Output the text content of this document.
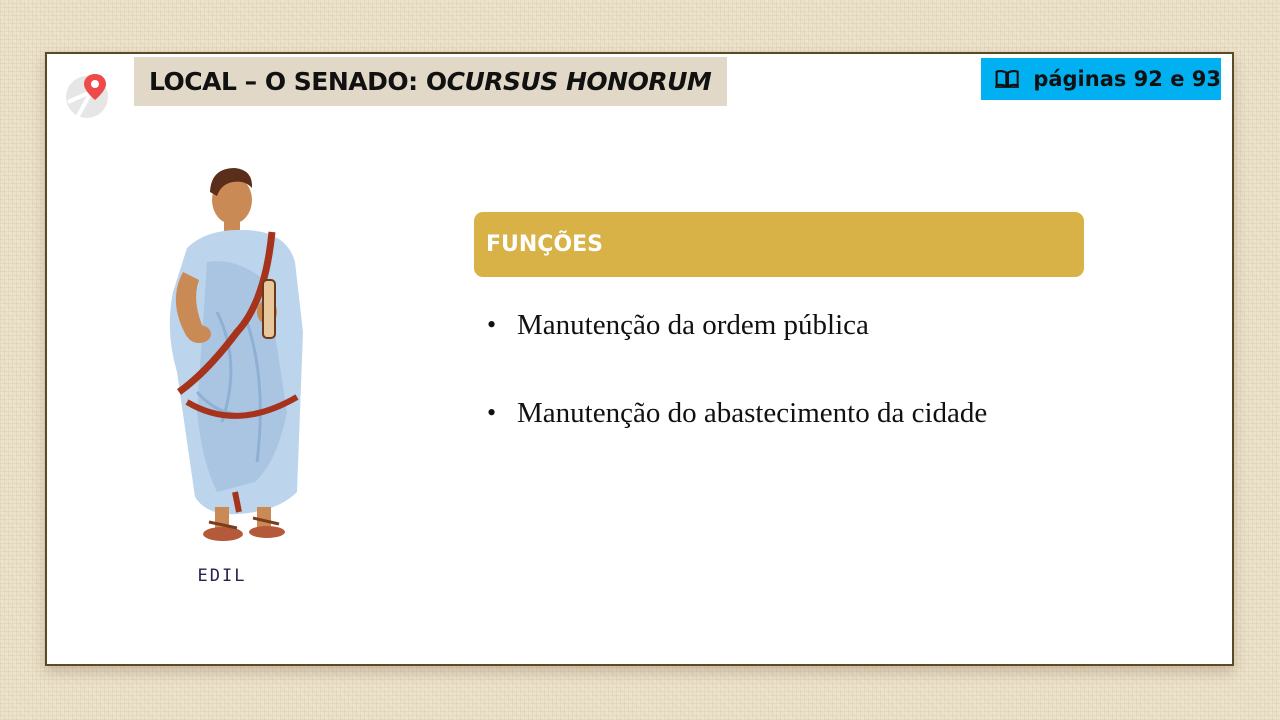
LOCAL – O SENADO: O CURSUS HONORUM	páginas 92 e 93
EDIL
FUNÇÕES
• Manutenção da ordem pública
• Manutenção do abastecimento da cidade
